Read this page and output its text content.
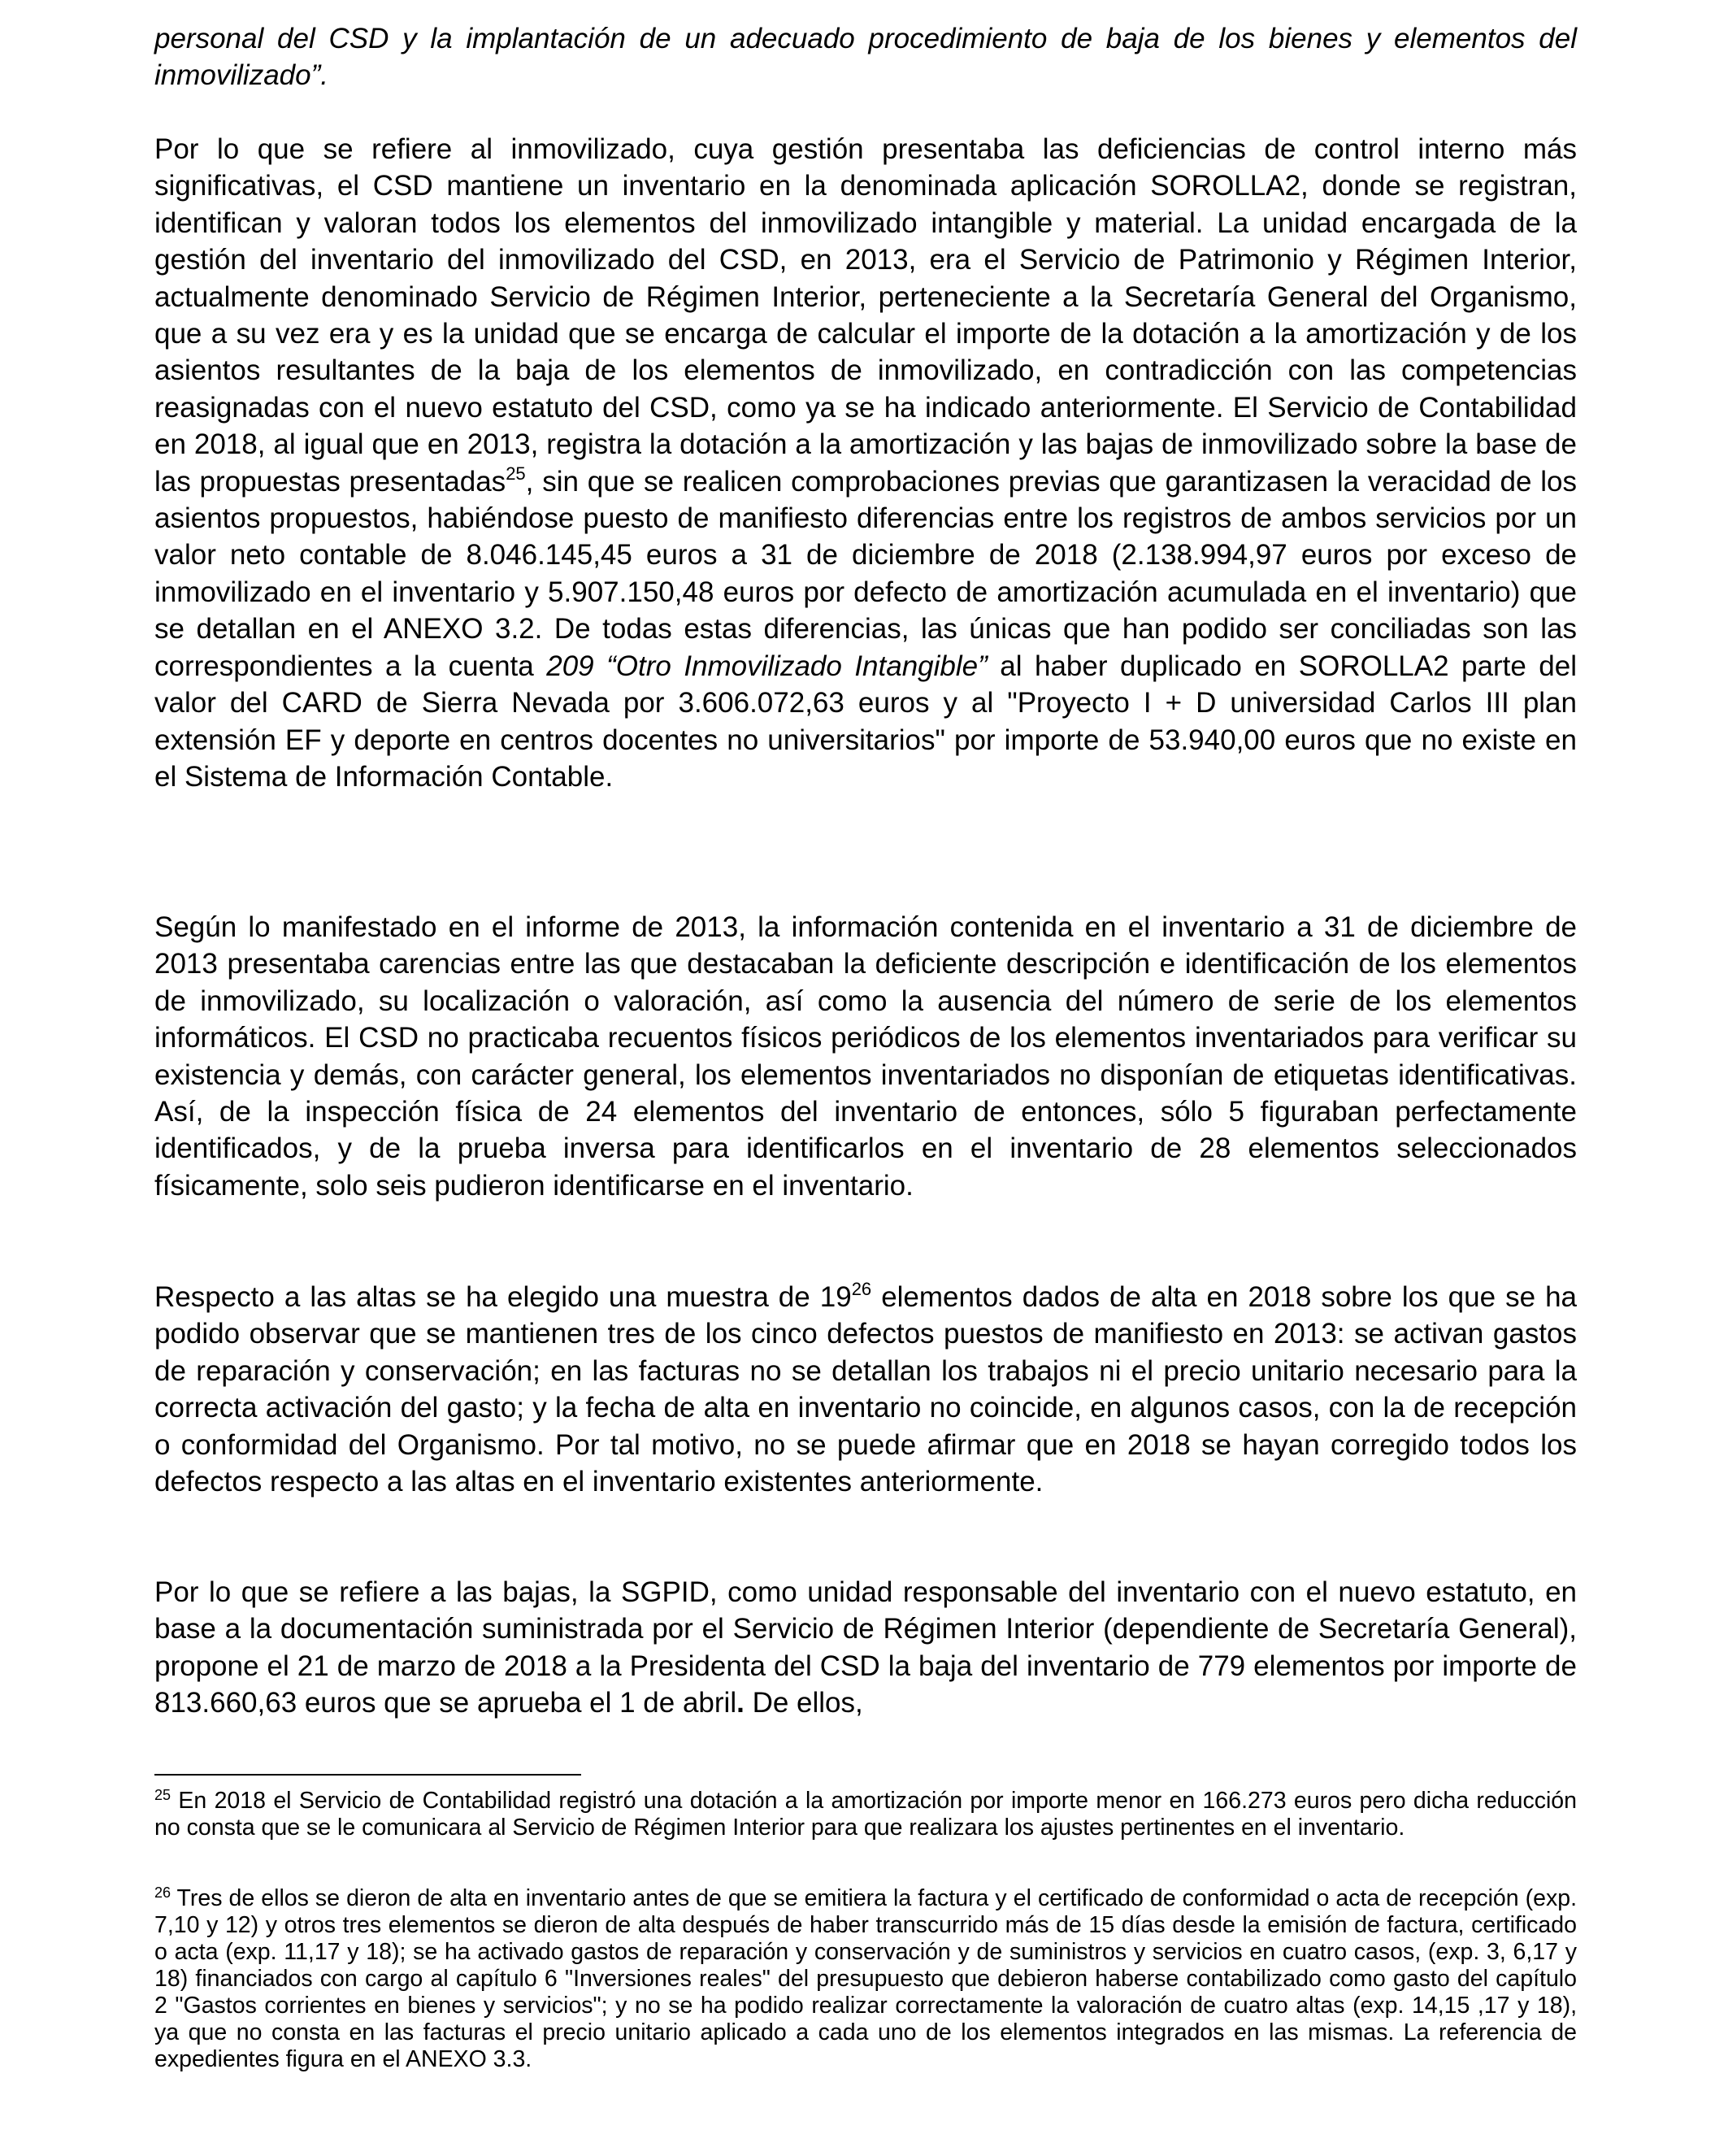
personal del CSD y la implantación de un adecuado procedimiento de baja de los bienes y elementos del inmovilizado”.

Por lo que se refiere al inmovilizado, cuya gestión presentaba las deficiencias de control interno más significativas, el CSD mantiene un inventario en la denominada aplicación SOROLLA2, donde se registran, identifican y valoran todos los elementos del inmovilizado intangible y material. La unidad encargada de la gestión del inventario del inmovilizado del CSD, en 2013, era el Servicio de Patrimonio y Régimen Interior, actualmente denominado Servicio de Régimen Interior, perteneciente a la Secretaría General del Organismo, que a su vez era y es la unidad que se encarga de calcular el importe de la dotación a la amortización y de los asientos resultantes de la baja de los elementos de inmovilizado, en contradicción con las competencias reasignadas con el nuevo estatuto del CSD, como ya se ha indicado anteriormente. El Servicio de Contabilidad en 2018, al igual que en 2013, registra la dotación a la amortización y las bajas de inmovilizado sobre la base de las propuestas presentadas$^{25}$, sin que se realicen comprobaciones previas que garantizasen la veracidad de los asientos propuestos, habiéndose puesto de manifiesto diferencias entre los registros de ambos servicios por un valor neto contable de 8.046.145,45 euros a 31 de diciembre de 2018 (2.138.994,97 euros por exceso de inmovilizado en el inventario y 5.907.150,48 euros por defecto de amortización acumulada en el inventario) que se detallan en el ANEXO 3.2. De todas estas diferencias, las únicas que han podido ser conciliadas son las correspondientes a la cuenta 209 “Otro Inmovilizado Intangible” al haber duplicado en SOROLLA2 parte del valor del CARD de Sierra Nevada por 3.606.072,63 euros y al "Proyecto I + D universidad Carlos III plan extensión EF y deporte en centros docentes no universitarios" por importe de 53.940,00 euros que no existe en el Sistema de Información Contable.

Según lo manifestado en el informe de 2013, la información contenida en el inventario a 31 de diciembre de 2013 presentaba carencias entre las que destacaban la deficiente descripción e identificación de los elementos de inmovilizado, su localización o valoración, así como la ausencia del número de serie de los elementos informáticos. El CSD no practicaba recuentos físicos periódicos de los elementos inventariados para verificar su existencia y demás, con carácter general, los elementos inventariados no disponían de etiquetas identificativas. Así, de la inspección física de 24 elementos del inventario de entonces, sólo 5 figuraban perfectamente identificados, y de la prueba inversa para identificarlos en el inventario de 28 elementos seleccionados físicamente, solo seis pudieron identificarse en el inventario.

Respecto a las altas se ha elegido una muestra de $19^{26}$ elementos dados de alta en 2018 sobre los que se ha podido observar que se mantienen tres de los cinco defectos puestos de manifiesto en 2013: se activan gastos de reparación y conservación; en las facturas no se detallan los trabajos ni el precio unitario necesario para la correcta activación del gasto; y la fecha de alta en inventario no coincide, en algunos casos, con la de recepción o conformidad del Organismo. Por tal motivo, no se puede afirmar que en 2018 se hayan corregido todos los defectos respecto a las altas en el inventario existentes anteriormente.

Por lo que se refiere a las bajas, la SGPID, como unidad responsable del inventario con el nuevo estatuto, en base a la documentación suministrada por el Servicio de Régimen Interior (dependiente de Secretaría General), propone el 21 de marzo de 2018 a la Presidenta del CSD la baja del inventario de 779 elementos por importe de 813.660,63 euros que se aprueba el 1 de abril. De ellos,

$^{25}$ En 2018 el Servicio de Contabilidad registró una dotación a la amortización por importe menor en 166.273 euros pero dicha reducción no consta que se le comunicara al Servicio de Régimen Interior para que realizara los ajustes pertinentes en el inventario.

$^{26}$ Tres de ellos se dieron de alta en inventario antes de que se emitiera la factura y el certificado de conformidad o acta de recepción (exp. 7,10 y 12) y otros tres elementos se dieron de alta después de haber transcurrido más de 15 días desde la emisión de factura, certificado o acta (exp. 11,17 y 18); se ha activado gastos de reparación y conservación y de suministros y servicios en cuatro casos, (exp. 3, 6,17 y 18) financiados con cargo al capítulo 6 "Inversiones reales" del presupuesto que debieron haberse contabilizado como gasto del capítulo 2 "Gastos corrientes en bienes y servicios"; y no se ha podido realizar correctamente la valoración de cuatro altas (exp. 14,15 ,17 y 18), ya que no consta en las facturas el precio unitario aplicado a cada uno de los elementos integrados en las mismas. La referencia de expedientes figura en el ANEXO 3.3.
